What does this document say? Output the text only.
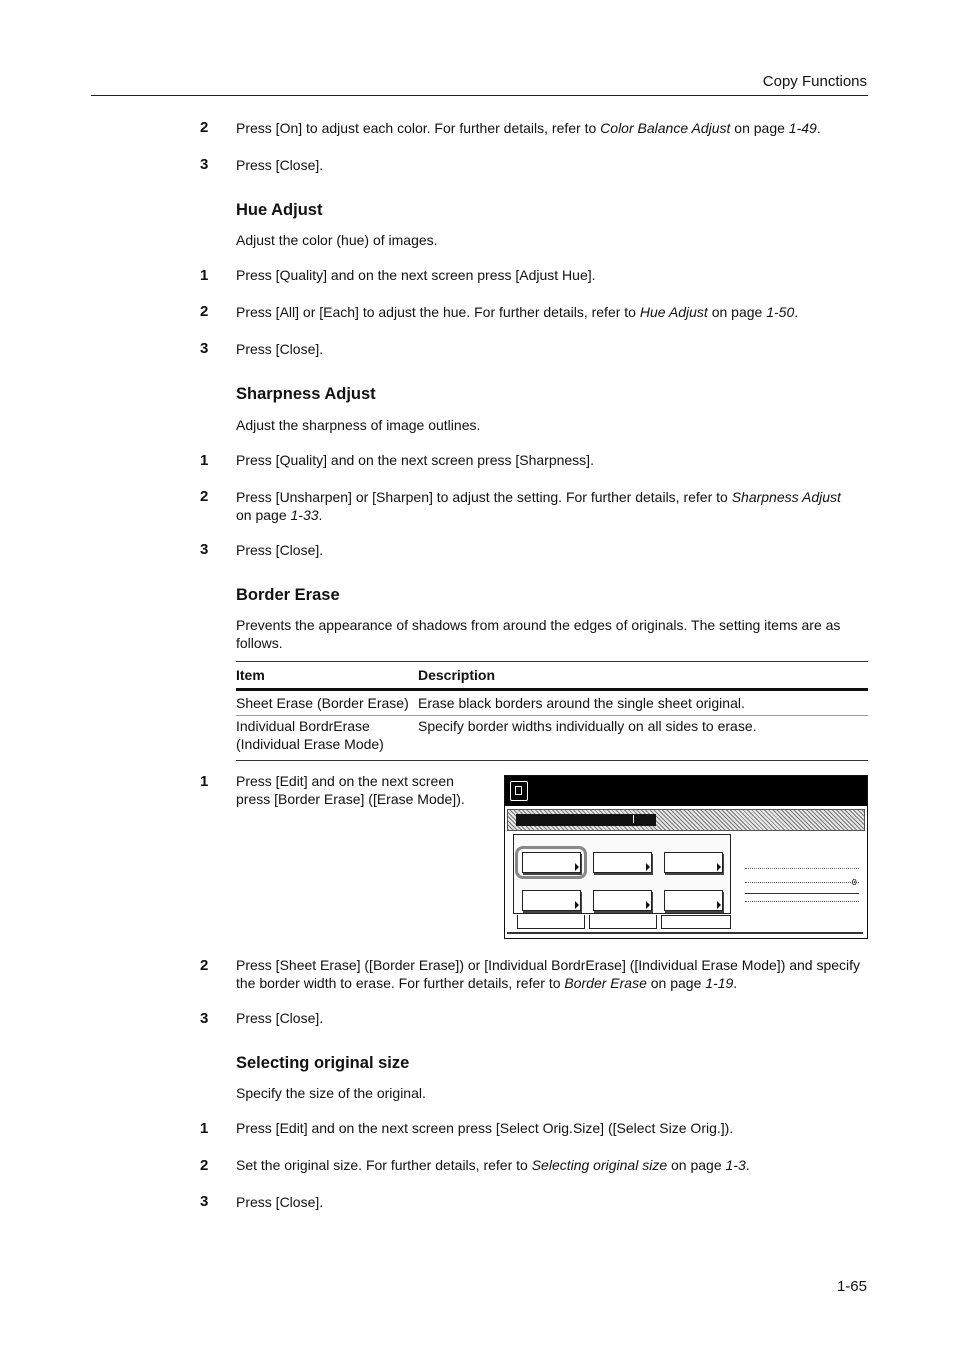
Copy Functions
2 Press [On] to adjust each color. For further details, refer to Color Balance Adjust on page 1-49.
3 Press [Close].
Hue Adjust
Adjust the color (hue) of images.
1 Press [Quality] and on the next screen press [Adjust Hue].
2 Press [All] or [Each] to adjust the hue. For further details, refer to Hue Adjust on page 1-50.
3 Press [Close].
Sharpness Adjust
Adjust the sharpness of image outlines.
1 Press [Quality] and on the next screen press [Sharpness].
2 Press [Unsharpen] or [Sharpen] to adjust the setting. For further details, refer to Sharpness Adjust
on page 1-33.
3 Press [Close].
Border Erase
Prevents the appearance of shadows from around the edges of originals. The setting items are as follows.
Item	Description
Sheet Erase (Border Erase) Erase black borders around the single sheet original.
Individual BordrErase
(Individual Erase Mode)
Specify border widths individually on all sides to erase.
1 Press [Edit] and on the next screen press [Border Erase] ([Erase Mode]).
0
2 Press [Sheet Erase] ([Border Erase]) or [Individual BordrErase] ([Individual Erase Mode]) and specify the border width to erase. For further details, refer to Border Erase on page 1-19.
3 Press [Close].
Selecting original size
Specify the size of the original.
1 Press [Edit] and on the next screen press [Select Orig.Size] ([Select Size Orig.]).
2 Set the original size. For further details, refer to Selecting original size on page 1-3.
3 Press [Close].
1-65
